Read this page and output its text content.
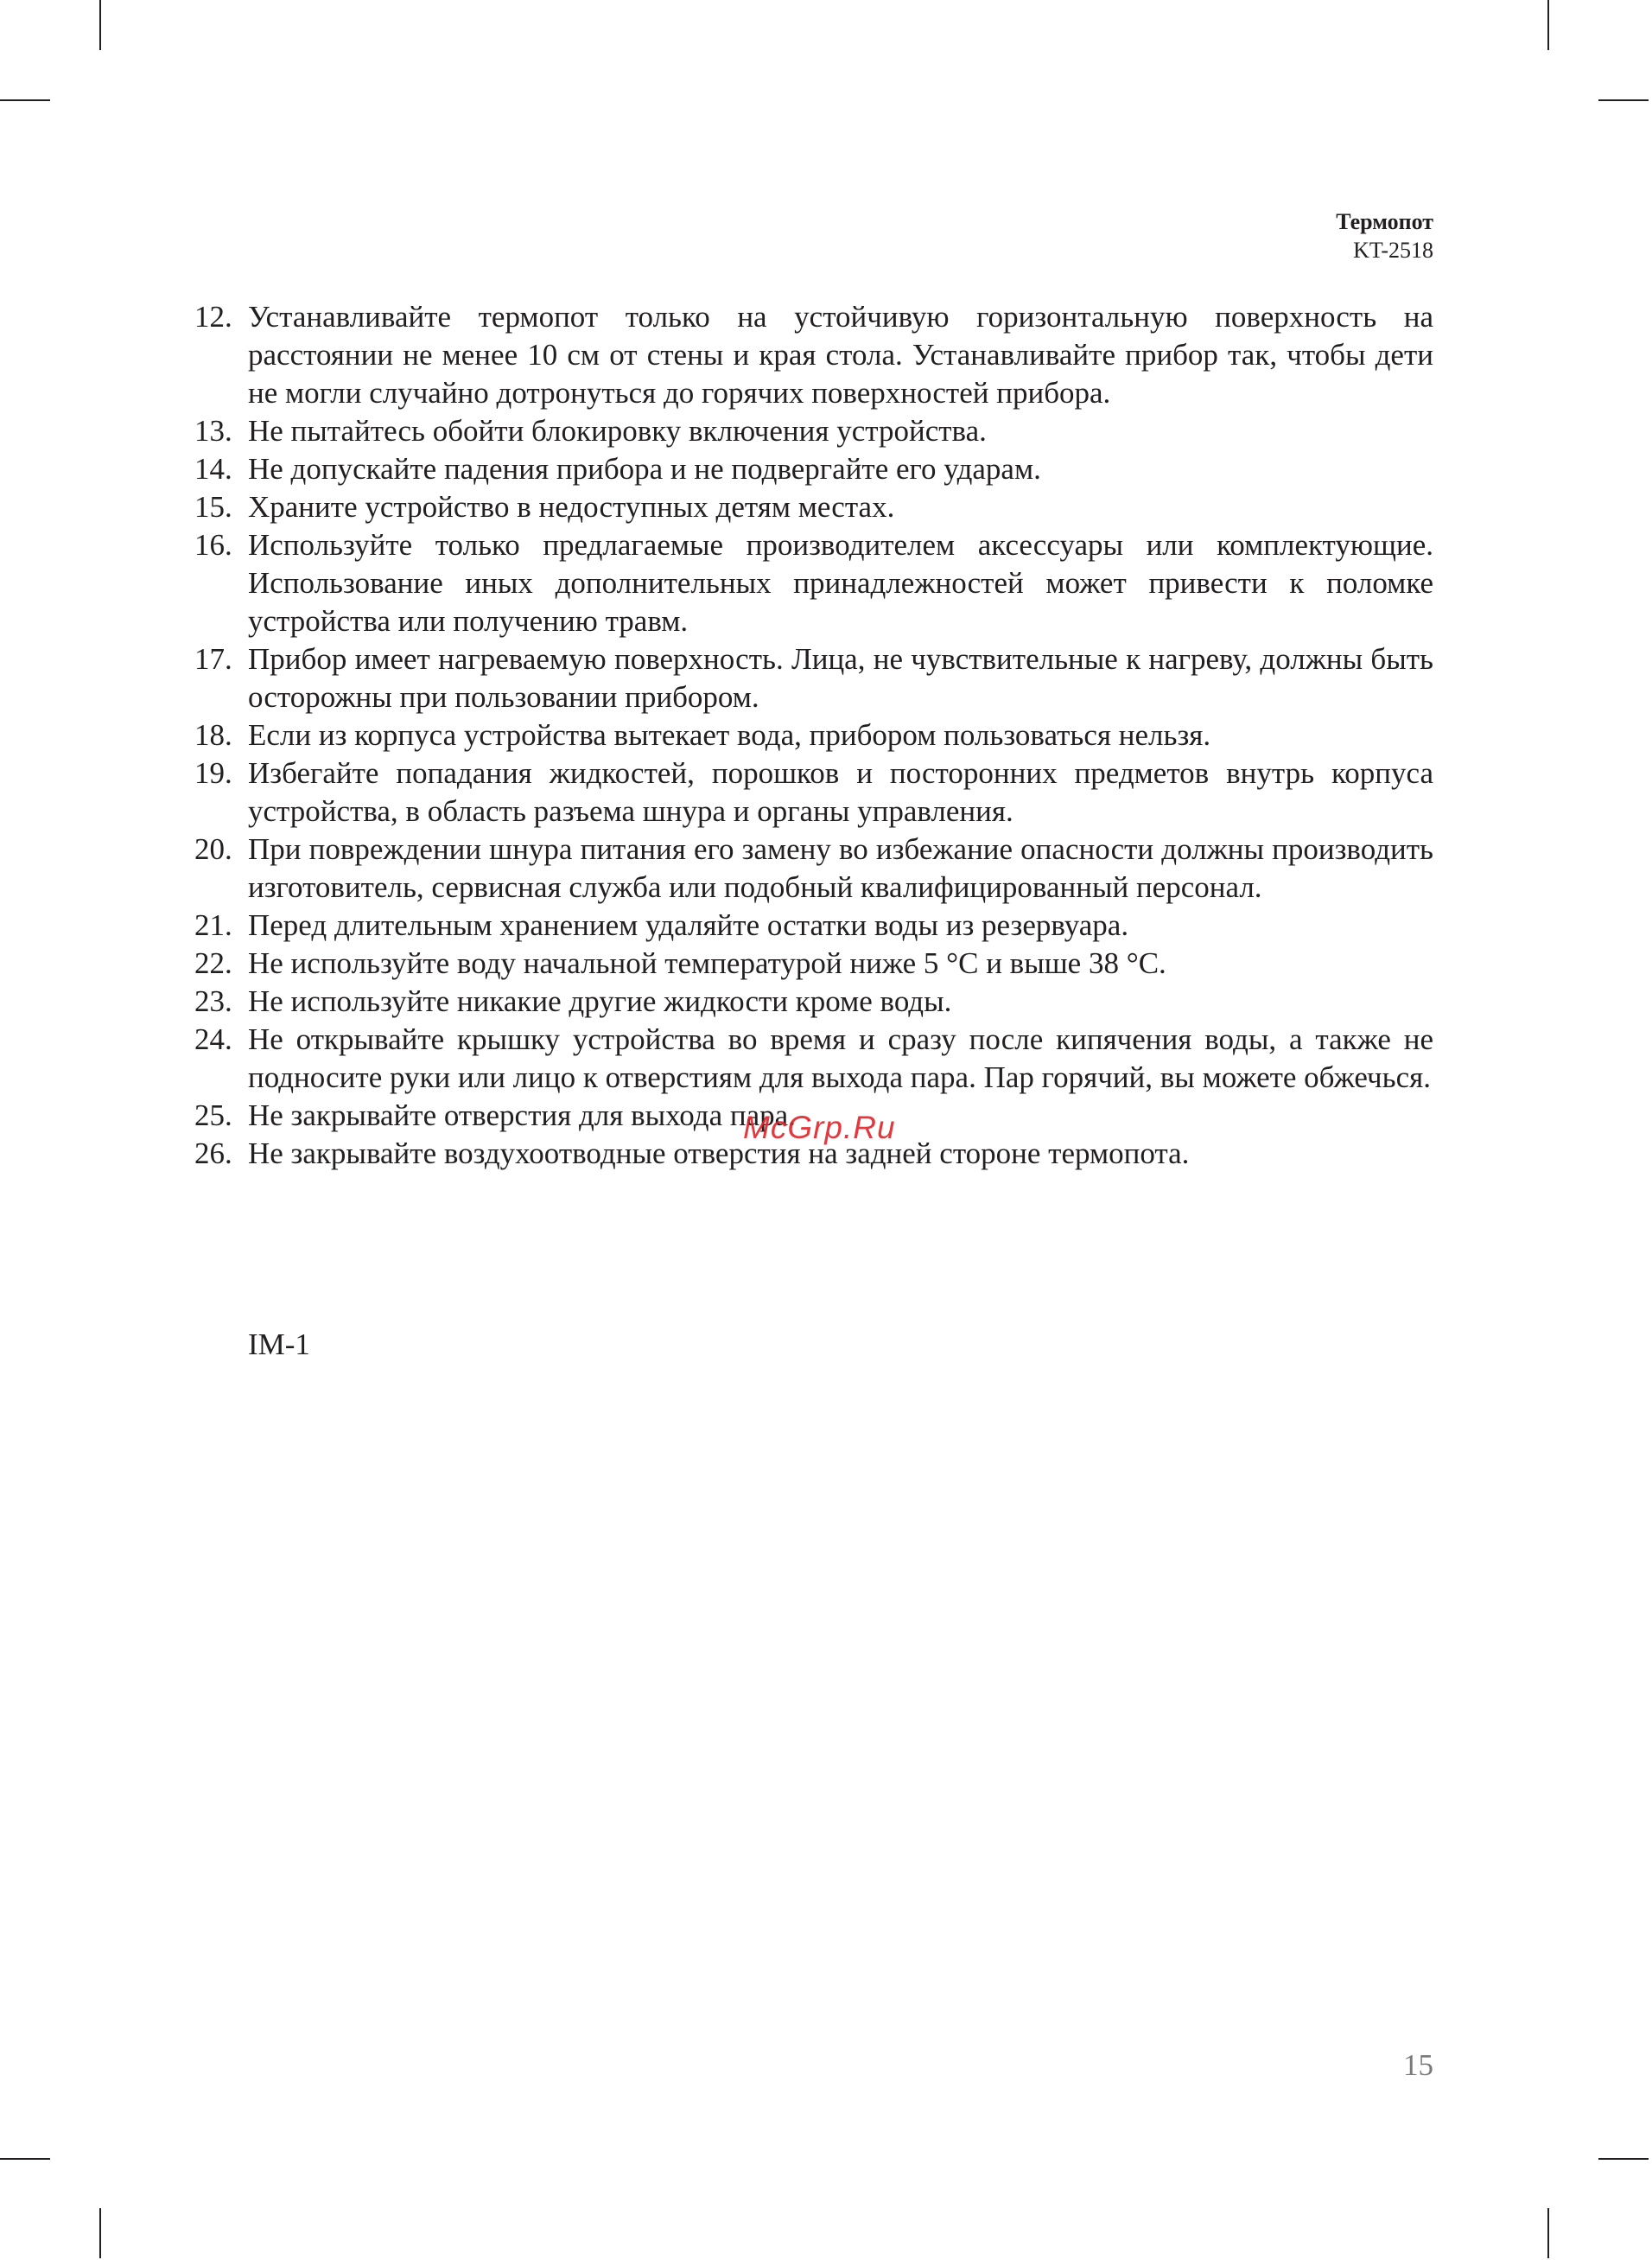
Термопот
KT-2518
12. Устанавливайте термопот только на устойчивую горизонтальную поверхность на расстоянии не менее 10 см от стены и края стола. Устанавливайте прибор так, чтобы дети не могли случайно дотронуться до горячих поверхностей прибора.
13. Не пытайтесь обойти блокировку включения устройства.
14. Не допускайте падения прибора и не подвергайте его ударам.
15. Храните устройство в недоступных детям местах.
16. Используйте только предлагаемые производителем аксессуары или комплектующие. Использование иных дополнительных принадлежностей может привести к поломке устройства или получению травм.
17. Прибор имеет нагреваемую поверхность. Лица, не чувствительные к нагреву, должны быть осторожны при пользовании прибором.
18. Если из корпуса устройства вытекает вода, прибором пользоваться нельзя.
19. Избегайте попадания жидкостей, порошков и посторонних предметов внутрь корпуса устройства, в область разъема шнура и органы управления.
20. При повреждении шнура питания его замену во избежание опасности должны производить изготовитель, сервисная служба или подобный квалифицированный персонал.
21. Перед длительным хранением удаляйте остатки воды из резервуара.
22. Не используйте воду начальной температурой ниже 5 °C и выше 38 °C.
23. Не используйте никакие другие жидкости кроме воды.
24. Не открывайте крышку устройства во время и сразу после кипячения воды, а также не подносите руки или лицо к отверстиям для выхода пара. Пар горячий, вы можете обжечься.
25. Не закрывайте отверстия для выхода пара.
26. Не закрывайте воздухоотводные отверстия на задней стороне термопота.
McGrp.Ru
IM-1
15
